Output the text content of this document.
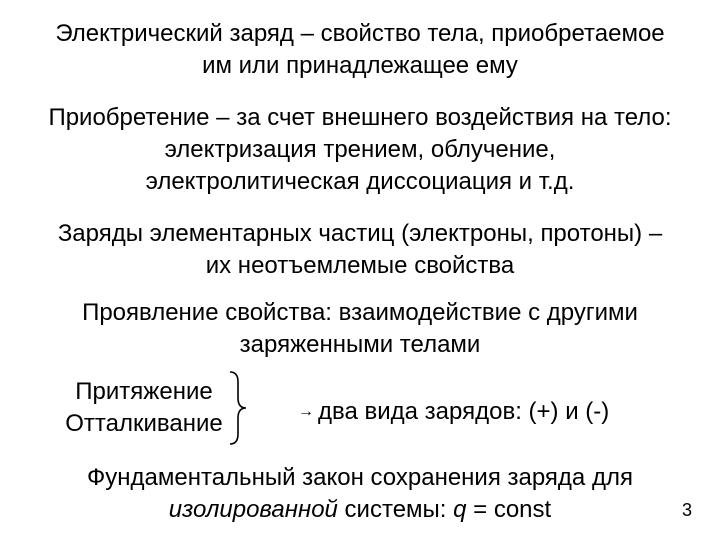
Электрический заряд – свойство тела, приобретаемое
им или принадлежащее ему
Приобретение – за счет внешнего воздействия на тело:
электризация трением, облучение,
электролитическая диссоциация и т.д.
Заряды элементарных частиц (электроны, протоны) –
их неотъемлемые свойства
Проявление свойства: взаимодействие с другими
заряженными телами
Притяжение
Отталкивание	→ два вида зарядов: (+) и (-)
Фундаментальный закон сохранения заряда для
изолированной системы: q = const	3
